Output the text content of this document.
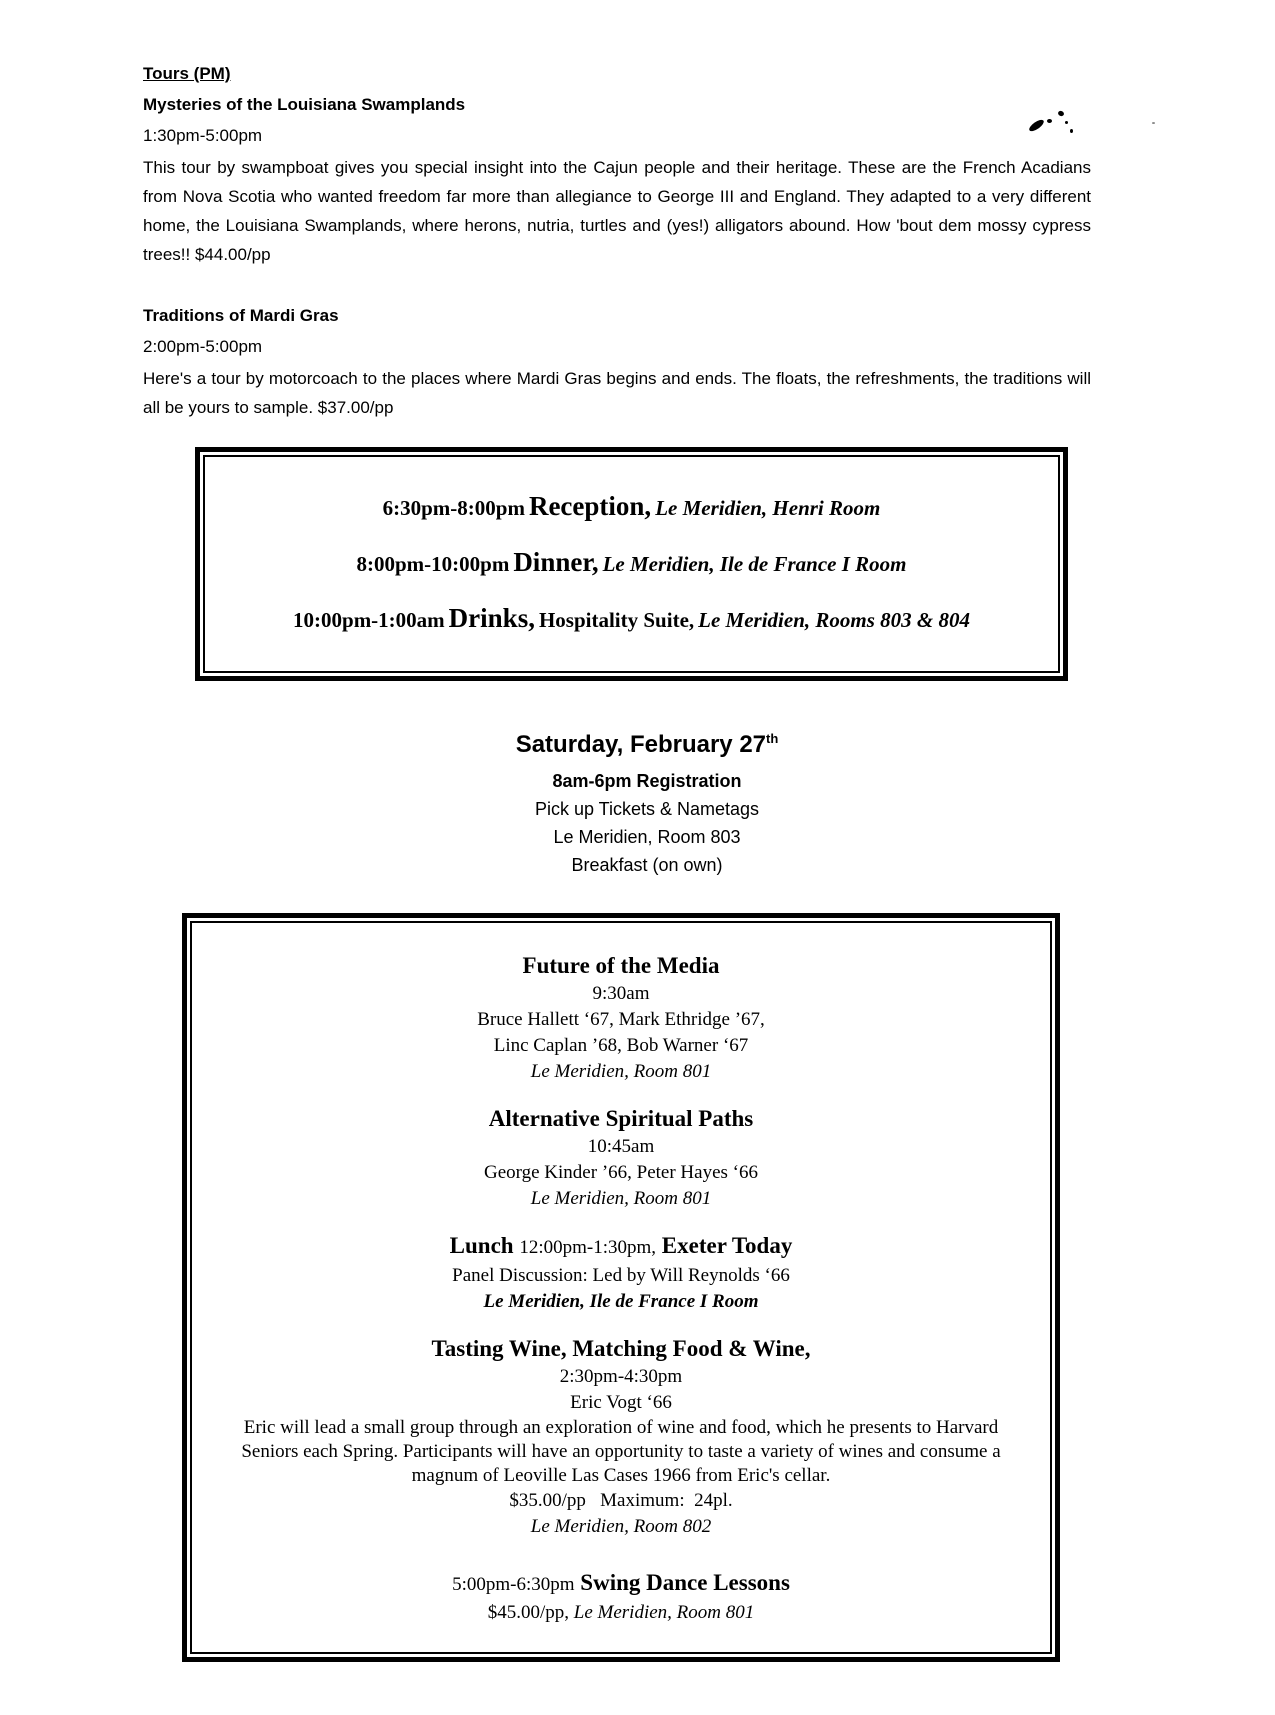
Tours (PM)
Mysteries of the Louisiana Swamplands
1:30pm-5:00pm

This tour by swampboat gives you special insight into the Cajun people and their heritage. These are the French Acadians from Nova Scotia who wanted freedom far more than allegiance to George III and England. They adapted to a very different home, the Louisiana Swamplands, where herons, nutria, turtles and (yes!) alligators abound. How 'bout dem mossy cypress trees!! $44.00/pp

Traditions of Mardi Gras
2:00pm-5:00pm

Here's a tour by motorcoach to the places where Mardi Gras begins and ends. The floats, the refreshments, the traditions will all be yours to sample. $37.00/pp

6:30pm-8:00pm Reception, Le Meridien, Henri Room
8:00pm-10:00pm Dinner, Le Meridien, Ile de France I Room
10:00pm-1:00am Drinks, Hospitality Suite, Le Meridien, Rooms 803 & 804
Saturday, February 27th
8am-6pm Registration
Pick up Tickets & Nametags
Le Meridien, Room 803
Breakfast (on own)
Future of the Media
9:30am
Bruce Hallett ‘67, Mark Ethridge ’67,
Linc Caplan ’68, Bob Warner ‘67
Le Meridien, Room 801
Alternative Spiritual Paths
10:45am
George Kinder ’66, Peter Hayes ‘66
Le Meridien, Room 801
Lunch 12:00pm-1:30pm, Exeter Today
Panel Discussion: Led by Will Reynolds ‘66
Le Meridien, Ile de France I Room
Tasting Wine, Matching Food & Wine,
2:30pm-4:30pm
Eric Vogt ‘66

Eric will lead a small group through an exploration of wine and food, which he presents to Harvard Seniors each Spring. Participants will have an opportunity to taste a variety of wines and consume a magnum of Leoville Las Cases 1966 from Eric's cellar.

$35.00/pp   Maximum:  24pl.
Le Meridien, Room 802
5:00pm-6:30pm Swing Dance Lessons
$45.00/pp, Le Meridien, Room 801
